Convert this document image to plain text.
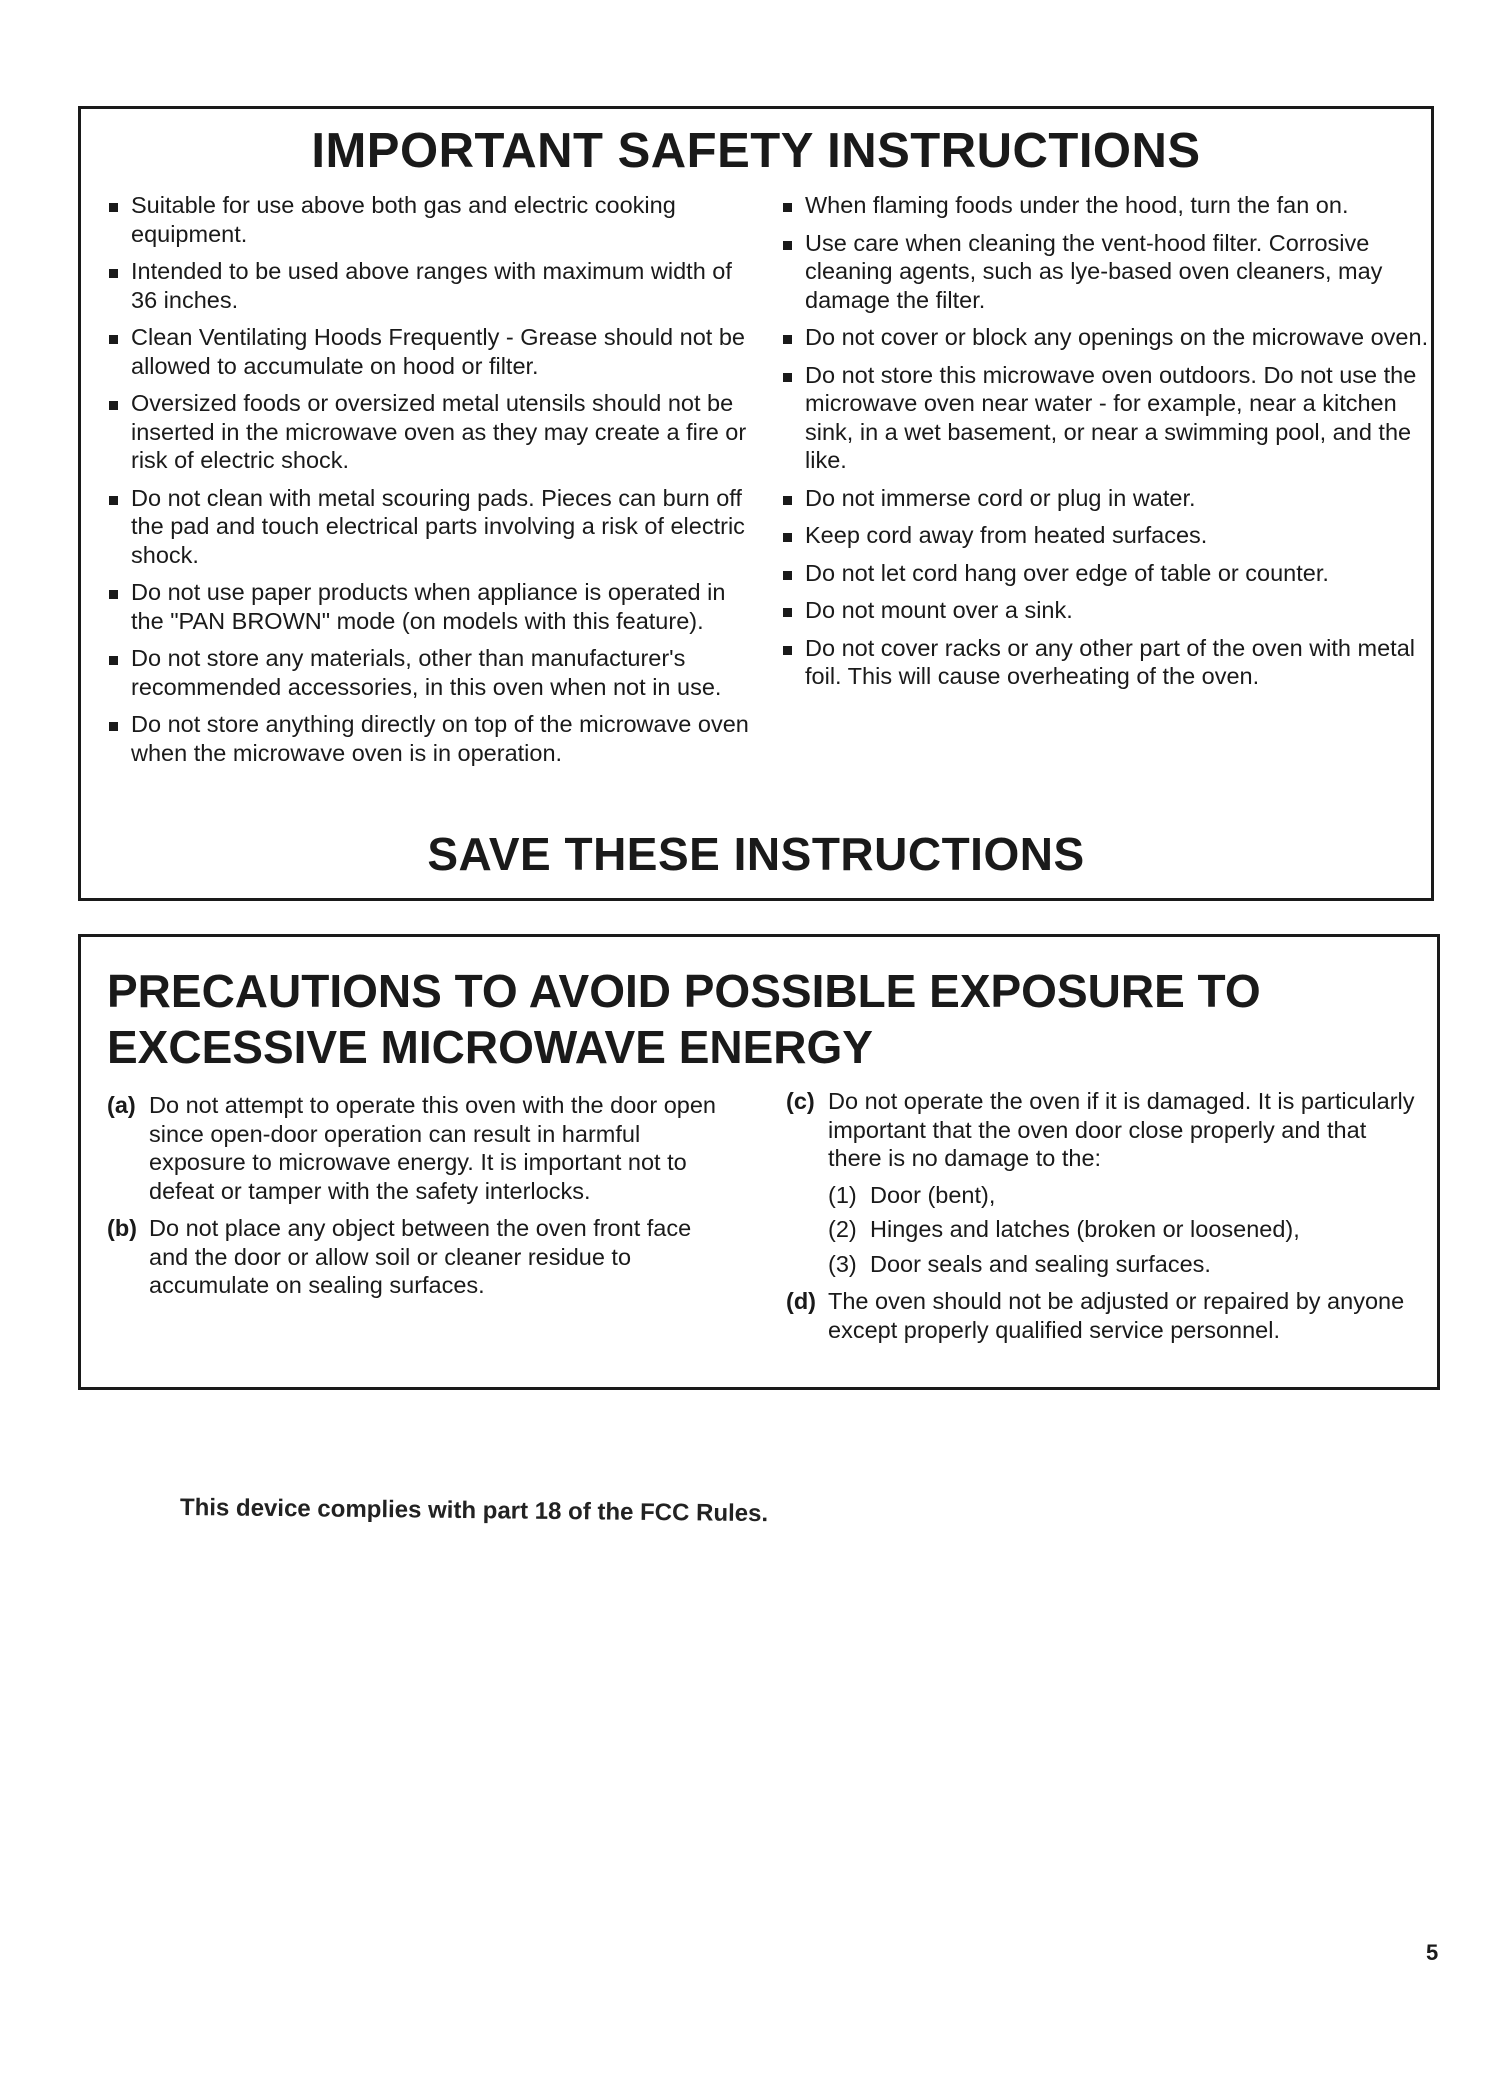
IMPORTANT SAFETY INSTRUCTIONS
Suitable for use above both gas and electric cooking equipment.
Intended to be used above ranges with maximum width of 36 inches.
Clean Ventilating Hoods Frequently - Grease should not be allowed to accumulate on hood or filter.
Oversized foods or oversized metal utensils should not be inserted in the microwave oven as they may create a fire or risk of electric shock.
Do not clean with metal scouring pads. Pieces can burn off the pad and touch electrical parts involving a risk of electric shock.
Do not use paper products when appliance is operated in the "PAN BROWN" mode (on models with this feature).
Do not store any materials, other than manufacturer's recommended accessories, in this oven when not in use.
Do not store anything directly on top of the microwave oven when the microwave oven is in operation.
When flaming foods under the hood, turn the fan on.
Use care when cleaning the vent-hood filter. Corrosive cleaning agents, such as lye-based oven cleaners, may damage the filter.
Do not cover or block any openings on the microwave oven.
Do not store this microwave oven outdoors. Do not use the microwave oven near water - for example, near a kitchen sink, in a wet basement, or near a swimming pool, and the like.
Do not immerse cord or plug in water.
Keep cord away from heated surfaces.
Do not let cord hang over edge of table or counter.
Do not mount over a sink.
Do not cover racks or any other part of the oven with metal foil. This will cause overheating of the oven.
SAVE THESE INSTRUCTIONS
PRECAUTIONS TO AVOID POSSIBLE EXPOSURE TO
EXCESSIVE MICROWAVE ENERGY
(a) Do not attempt to operate this oven with the door open since open-door operation can result in harmful exposure to microwave energy. It is important not to defeat or tamper with the safety interlocks.
(b) Do not place any object between the oven front face and the door or allow soil or cleaner residue to accumulate on sealing surfaces.
(c) Do not operate the oven if it is damaged. It is particularly important that the oven door close properly and that there is no damage to the:
(1) Door (bent),
(2) Hinges and latches (broken or loosened),
(3) Door seals and sealing surfaces.
(d) The oven should not be adjusted or repaired by anyone except properly qualified service personnel.
This device complies with part 18 of the FCC Rules.
5
